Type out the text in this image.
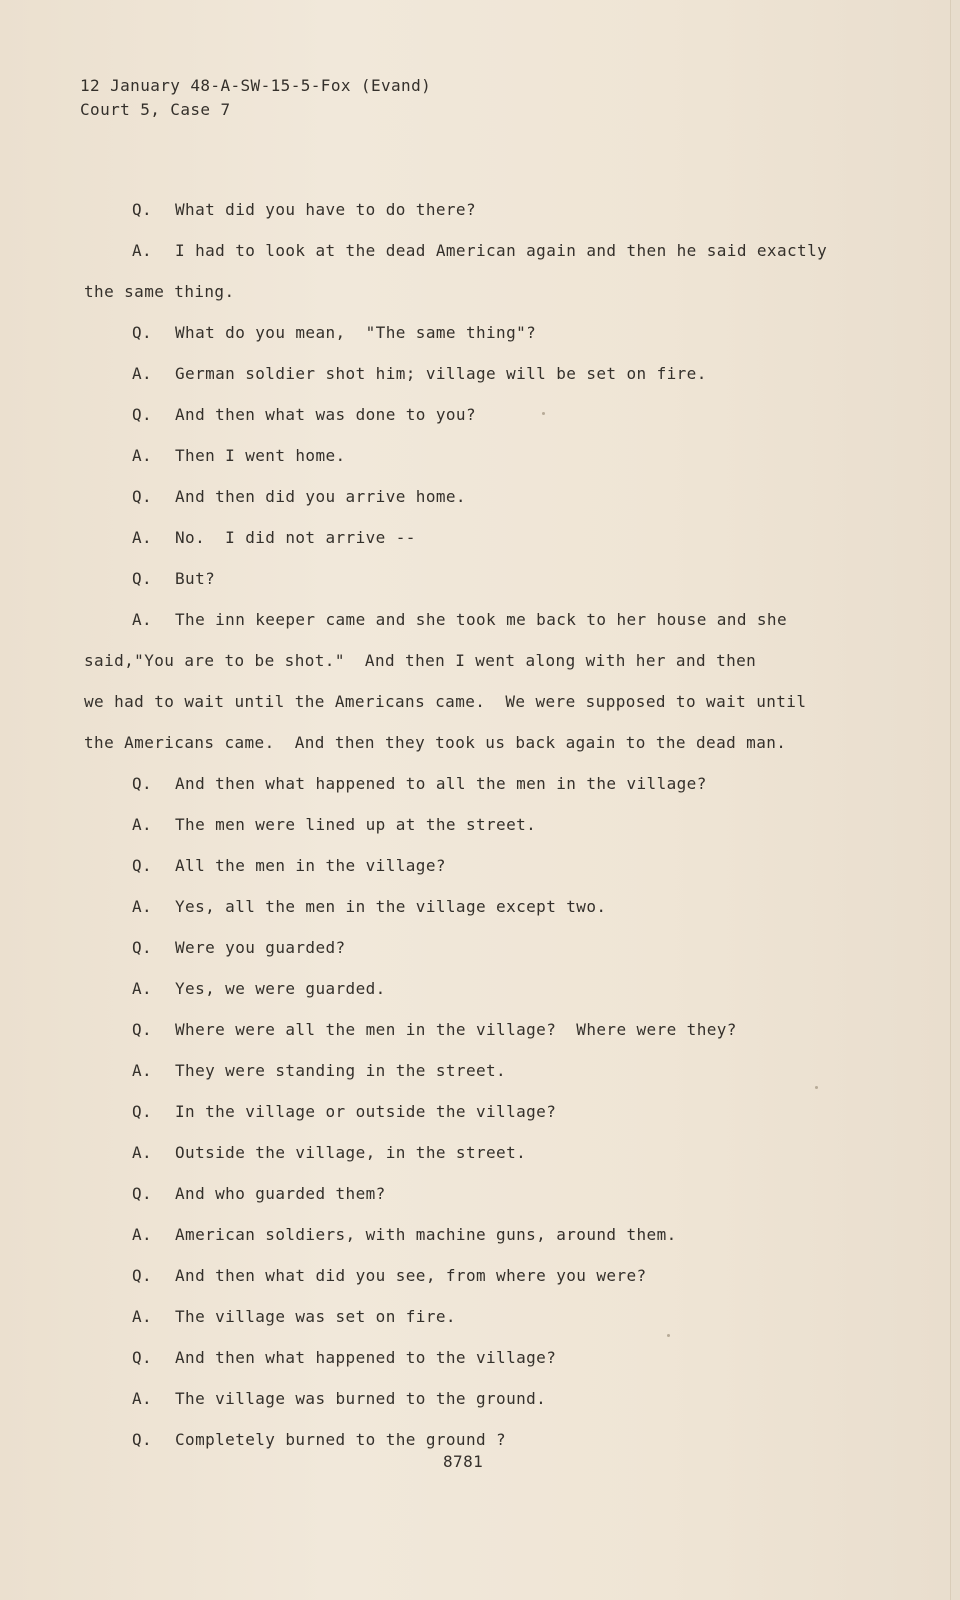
12 January 48-A-SW-15-5-Fox (Evand)
Court 5, Case 7
Q. What did you have to do there?
A. I had to look at the dead American again and then he said exactly
the same thing.
Q. What do you mean,  "The same thing"?
A. German soldier shot him; village will be set on fire.
Q. And then what was done to you?
A. Then I went home.
Q. And then did you arrive home.
A. No.  I did not arrive --
Q. But?
A. The inn keeper came and she took me back to her house and she
said,"You are to be shot."  And then I went along with her and then
we had to wait until the Americans came.  We were supposed to wait until
the Americans came.  And then they took us back again to the dead man.
Q. And then what happened to all the men in the village?
A. The men were lined up at the street.
Q. All the men in the village?
A. Yes, all the men in the village except two.
Q. Were you guarded?
A. Yes, we were guarded.
Q. Where were all the men in the village?  Where were they?
A. They were standing in the street.
Q. In the village or outside the village?
A. Outside the village, in the street.
Q. And who guarded them?
A. American soldiers, with machine guns, around them.
Q. And then what did you see, from where you were?
A. The village was set on fire.
Q. And then what happened to the village?
A. The village was burned to the ground.
Q. Completely burned to the ground ?
8781
